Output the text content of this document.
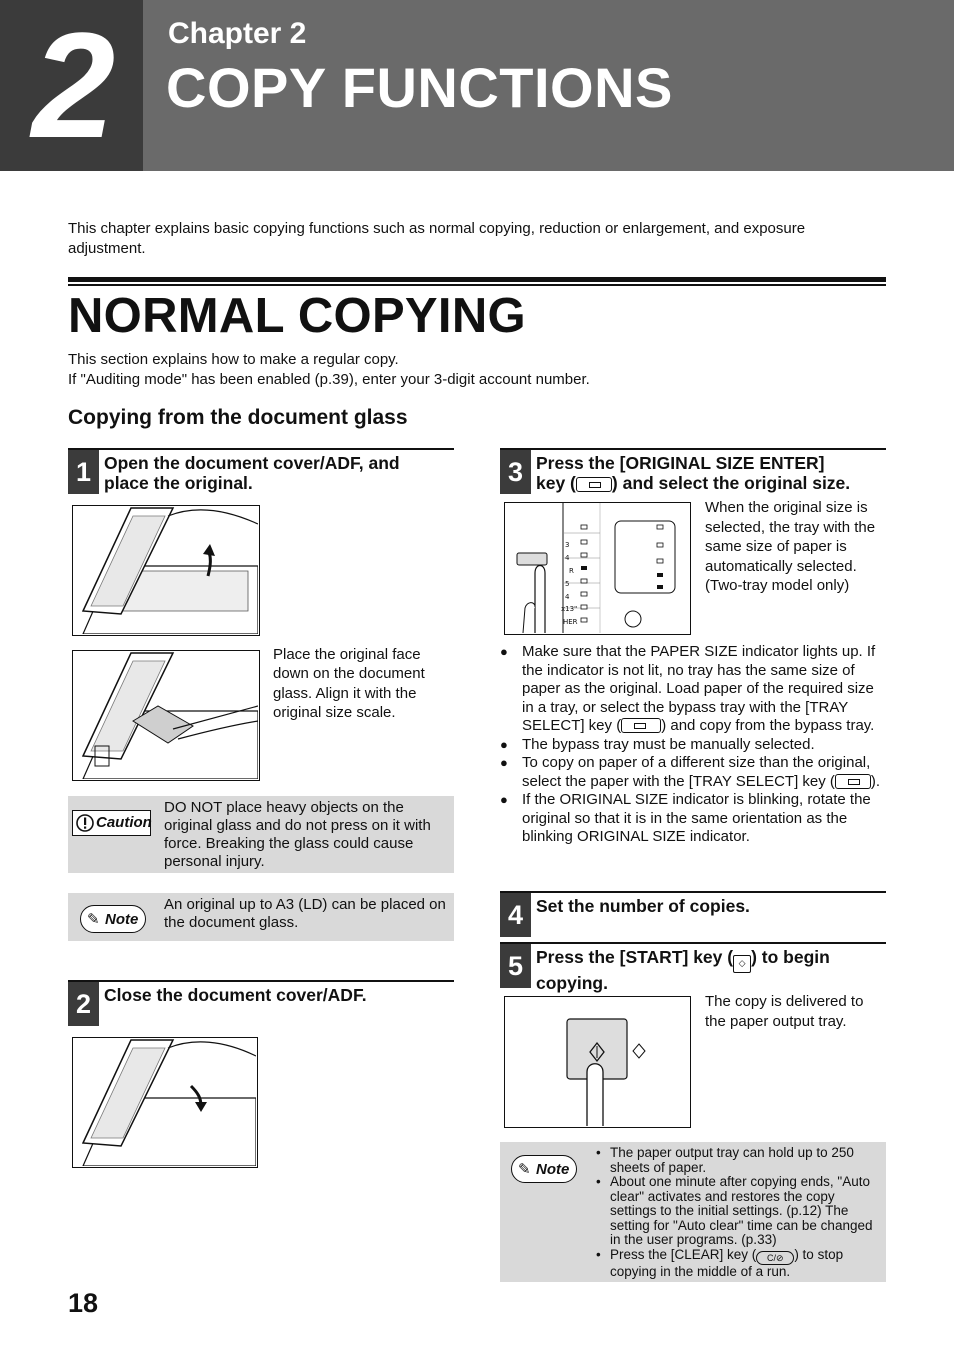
2	Chapter 2
COPY FUNCTIONS
This chapter explains basic copying functions such as normal copying, reduction or enlargement, and exposure adjustment.
NORMAL COPYING
This section explains how to make a regular copy.
If "Auditing mode" has been enabled (p.39), enter your 3-digit account number.
Copying from the document glass
1 Open the document cover/ADF, and place the original.
Place the original face down on the document glass. Align it with the original size scale.
Caution
DO NOT place heavy objects on the original glass and do not press on it with force. Breaking the glass could cause personal injury.
✎ Note
An original up to A3 (LD) can be placed on the document glass.
2 Close the document cover/ADF.
3 Press the [ORIGINAL SIZE ENTER]
key ( ) and select the original size.
3
4
R
5
4
x13"
HER
When the original size is selected, the tray with the same size of paper is automatically selected. (Two-tray model only)
● Make sure that the PAPER SIZE indicator lights up. If the indicator is not lit, no tray has the same size of paper as the original. Load paper of the required size in a tray, or select the bypass tray with the [TRAY SELECT] key (	) and copy from the bypass tray.
● The bypass tray must be manually selected.
● To copy on paper of a different size than the original, select the paper with the [TRAY SELECT] key ( ).
● If the ORIGINAL SIZE indicator is blinking, rotate the original so that it is in the same orientation as the blinking ORIGINAL SIZE indicator.
4 Set the number of copies.
5 Press the [START] key ( ◇ ) to begin
copying.
The copy is delivered to the paper output tray.
✎ Note
• The paper output tray can hold up to 250 sheets of paper.
• About one minute after copying ends, "Auto clear" activates and restores the copy settings to the initial settings. (p.12) The setting for "Auto clear" time can be changed in the user programs. (p.33)
• Press the [CLEAR] key ( C/⊘ ) to stop copying in the middle of a run.
18
